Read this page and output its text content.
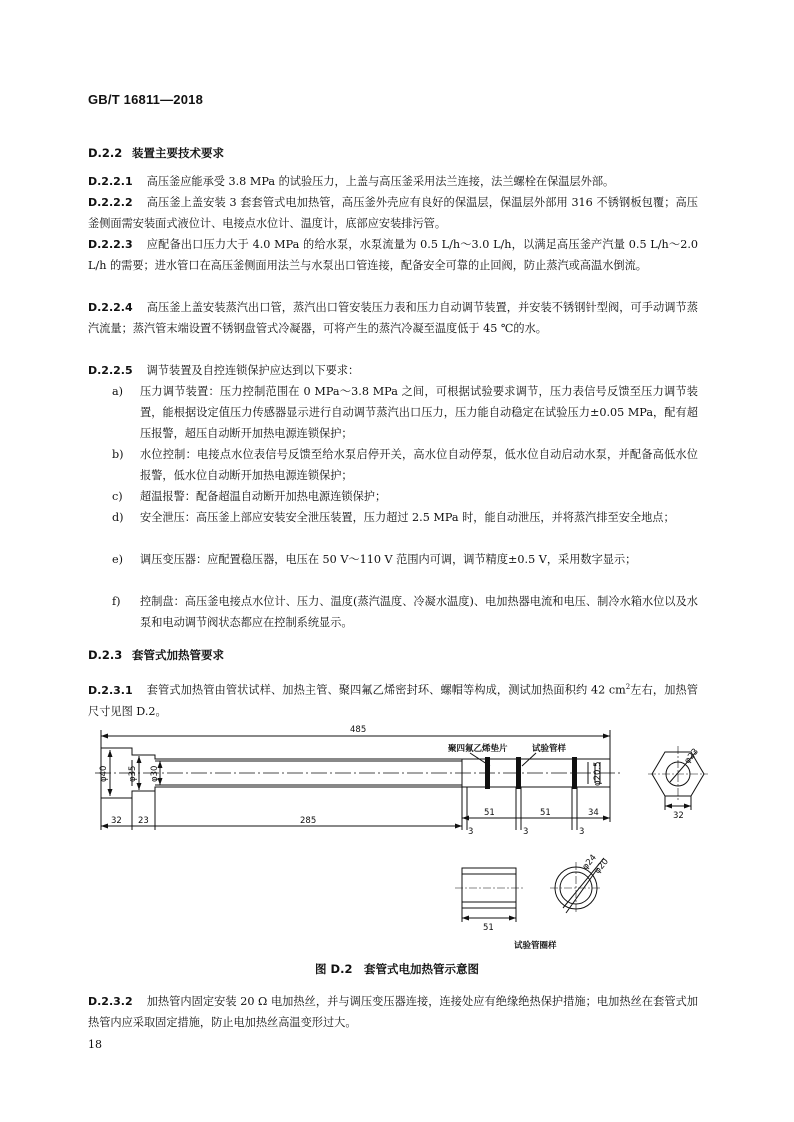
GB/T 16811—2018
D.2.2 装置主要技术要求
D.2.2.1 高压釜应能承受 3.8 MPa 的试验压力，上盖与高压釜采用法兰连接，法兰螺栓在保温层外部。
D.2.2.2 高压釜上盖安装 3 套套管式电加热管，高压釜外壳应有良好的保温层，保温层外部用 316 不锈钢板包覆；高压釜侧面需安装面式液位计、电接点水位计、温度计，底部应安装排污管。
D.2.2.3 应配备出口压力大于 4.0 MPa 的给水泵，水泵流量为 0.5 L/h～3.0 L/h，以满足高压釜产汽量 0.5 L/h～2.0 L/h 的需要；进水管口在高压釜侧面用法兰与水泵出口管连接，配备安全可靠的止回阀，防止蒸汽或高温水倒流。
D.2.2.4 高压釜上盖安装蒸汽出口管，蒸汽出口管安装压力表和压力自动调节装置，并安装不锈钢针型阀，可手动调节蒸汽流量；蒸汽管末端设置不锈钢盘管式冷凝器，可将产生的蒸汽冷凝至温度低于 45 ℃的水。
D.2.2.5 调节装置及自控连锁保护应达到以下要求：
a) 压力调节装置：压力控制范围在 0 MPa～3.8 MPa 之间，可根据试验要求调节，压力表信号反馈至压力调节装置，能根据设定值压力传感器显示进行自动调节蒸汽出口压力，压力能自动稳定在试验压力±0.05 MPa，配有超压报警，超压自动断开加热电源连锁保护；
b) 水位控制：电接点水位表信号反馈至给水泵启停开关，高水位自动停泵，低水位自动启动水泵，并配备高低水位报警，低水位自动断开加热电源连锁保护；
c) 超温报警：配备超温自动断开加热电源连锁保护；
d) 安全泄压：高压釜上部应安装安全泄压装置，压力超过 2.5 MPa 时，能自动泄压，并将蒸汽排至安全地点；
e) 调压变压器：应配置稳压器，电压在 50 V～110 V 范围内可调，调节精度±0.5 V，采用数字显示；
f) 控制盘：高压釜电接点水位计、压力、温度(蒸汽温度、冷凝水温度)、电加热器电流和电压、制冷水箱水位以及水泵和电动调节阀状态都应在控制系统显示。
D.2.3 套管式加热管要求
D.2.3.1 套管式加热管由管状试样、加热主管、聚四氟乙烯密封环、螺帽等构成，测试加热面积约 42 $cm^2$左右，加热管尺寸见图 D.2。
485
φ40 φ35 φ30	φ20.5
32 23	285
51	51	34
3	3	3
φ23
32
51
φ24
φ20
聚四氟乙烯垫片	试验管样
试验管圈样
图 D.2　套管式电加热管示意图
D.2.3.2 加热管内固定安装 20 Ω 电加热丝，并与调压变压器连接，连接处应有绝缘绝热保护措施；电加热丝在套管式加热管内应采取固定措施，防止电加热丝高温变形过大。
18
